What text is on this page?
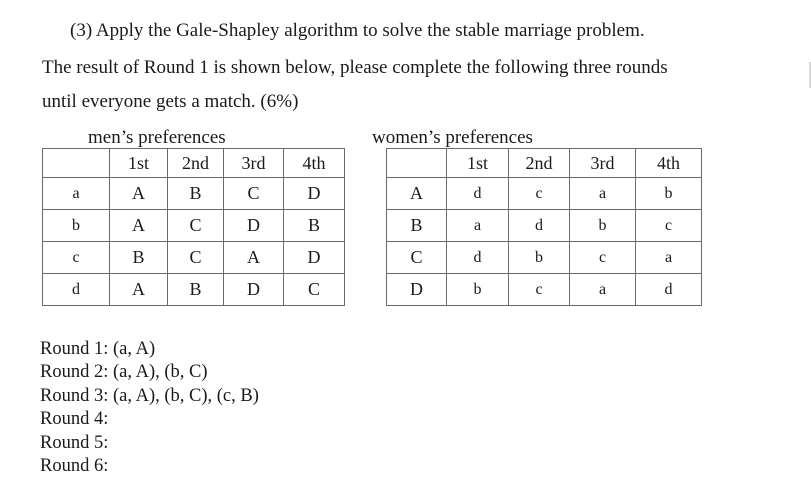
(3) Apply the Gale-Shapley algorithm to solve the stable marriage problem.
The result of Round 1 is shown below, please complete the following three rounds
until everyone gets a match. (6%)
men’s preferences
	1st	2nd	3rd	4th
a	A	B	C	D
b	A	C	D	B
c	B	C	A	D
d	A	B	D	C
women’s preferences
	1st	2nd	3rd	4th
A	d	c	a	b
B	a	d	b	c
C	d	b	c	a
D	b	c	a	d
Round 1: (a, A)
Round 2: (a, A), (b, C)
Round 3: (a, A), (b, C), (c, B)
Round 4:
Round 5:
Round 6:
